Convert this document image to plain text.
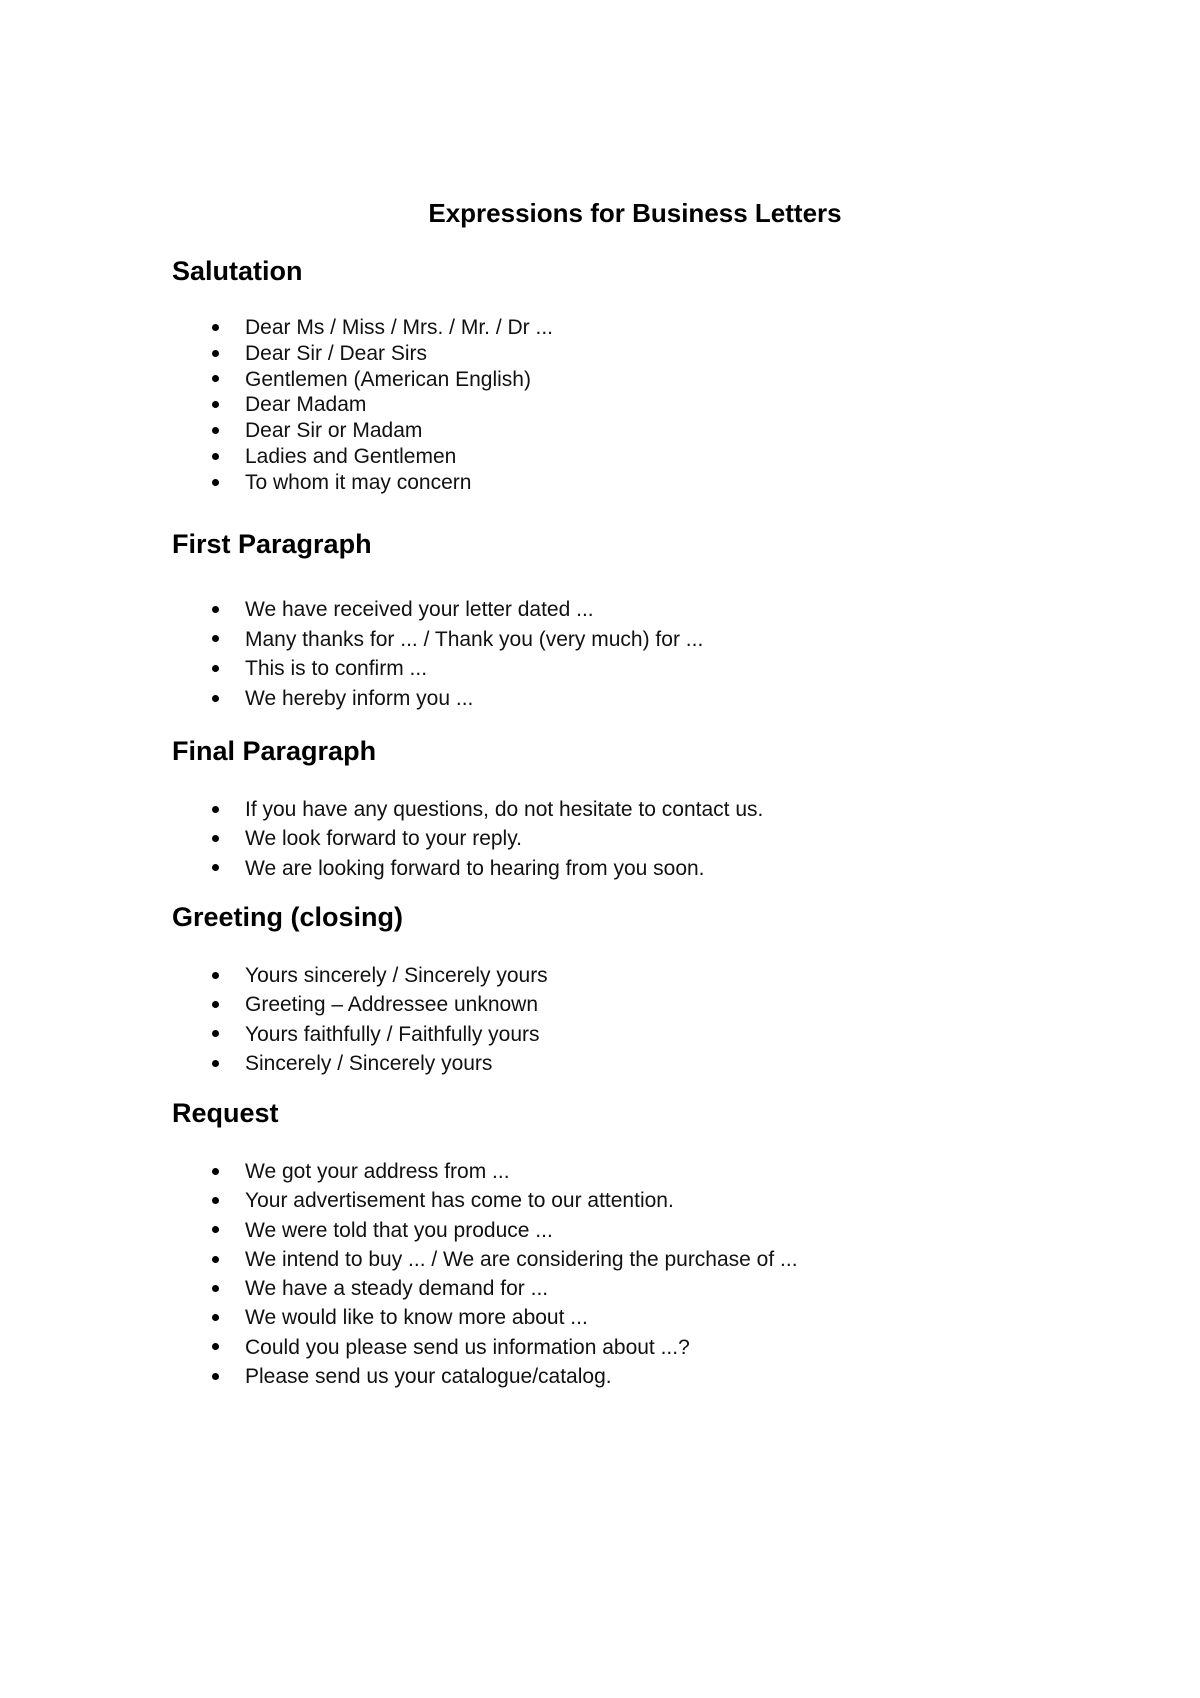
Expressions for Business Letters
Salutation
Dear Ms / Miss / Mrs. / Mr. / Dr ...
Dear Sir / Dear Sirs
Gentlemen (American English)
Dear Madam
Dear Sir or Madam
Ladies and Gentlemen
To whom it may concern
First Paragraph
We have received your letter dated ...
Many thanks for ... / Thank you (very much) for ...
This is to confirm ...
We hereby inform you ...
Final Paragraph
If you have any questions, do not hesitate to contact us.
We look forward to your reply.
We are looking forward to hearing from you soon.
Greeting (closing)
Yours sincerely / Sincerely yours
Greeting – Addressee unknown
Yours faithfully / Faithfully yours
Sincerely / Sincerely yours
Request
We got your address from ...
Your advertisement has come to our attention.
We were told that you produce ...
We intend to buy ... / We are considering the purchase of ...
We have a steady demand for ...
We would like to know more about ...
Could you please send us information about ...?
Please send us your catalogue/catalog.
